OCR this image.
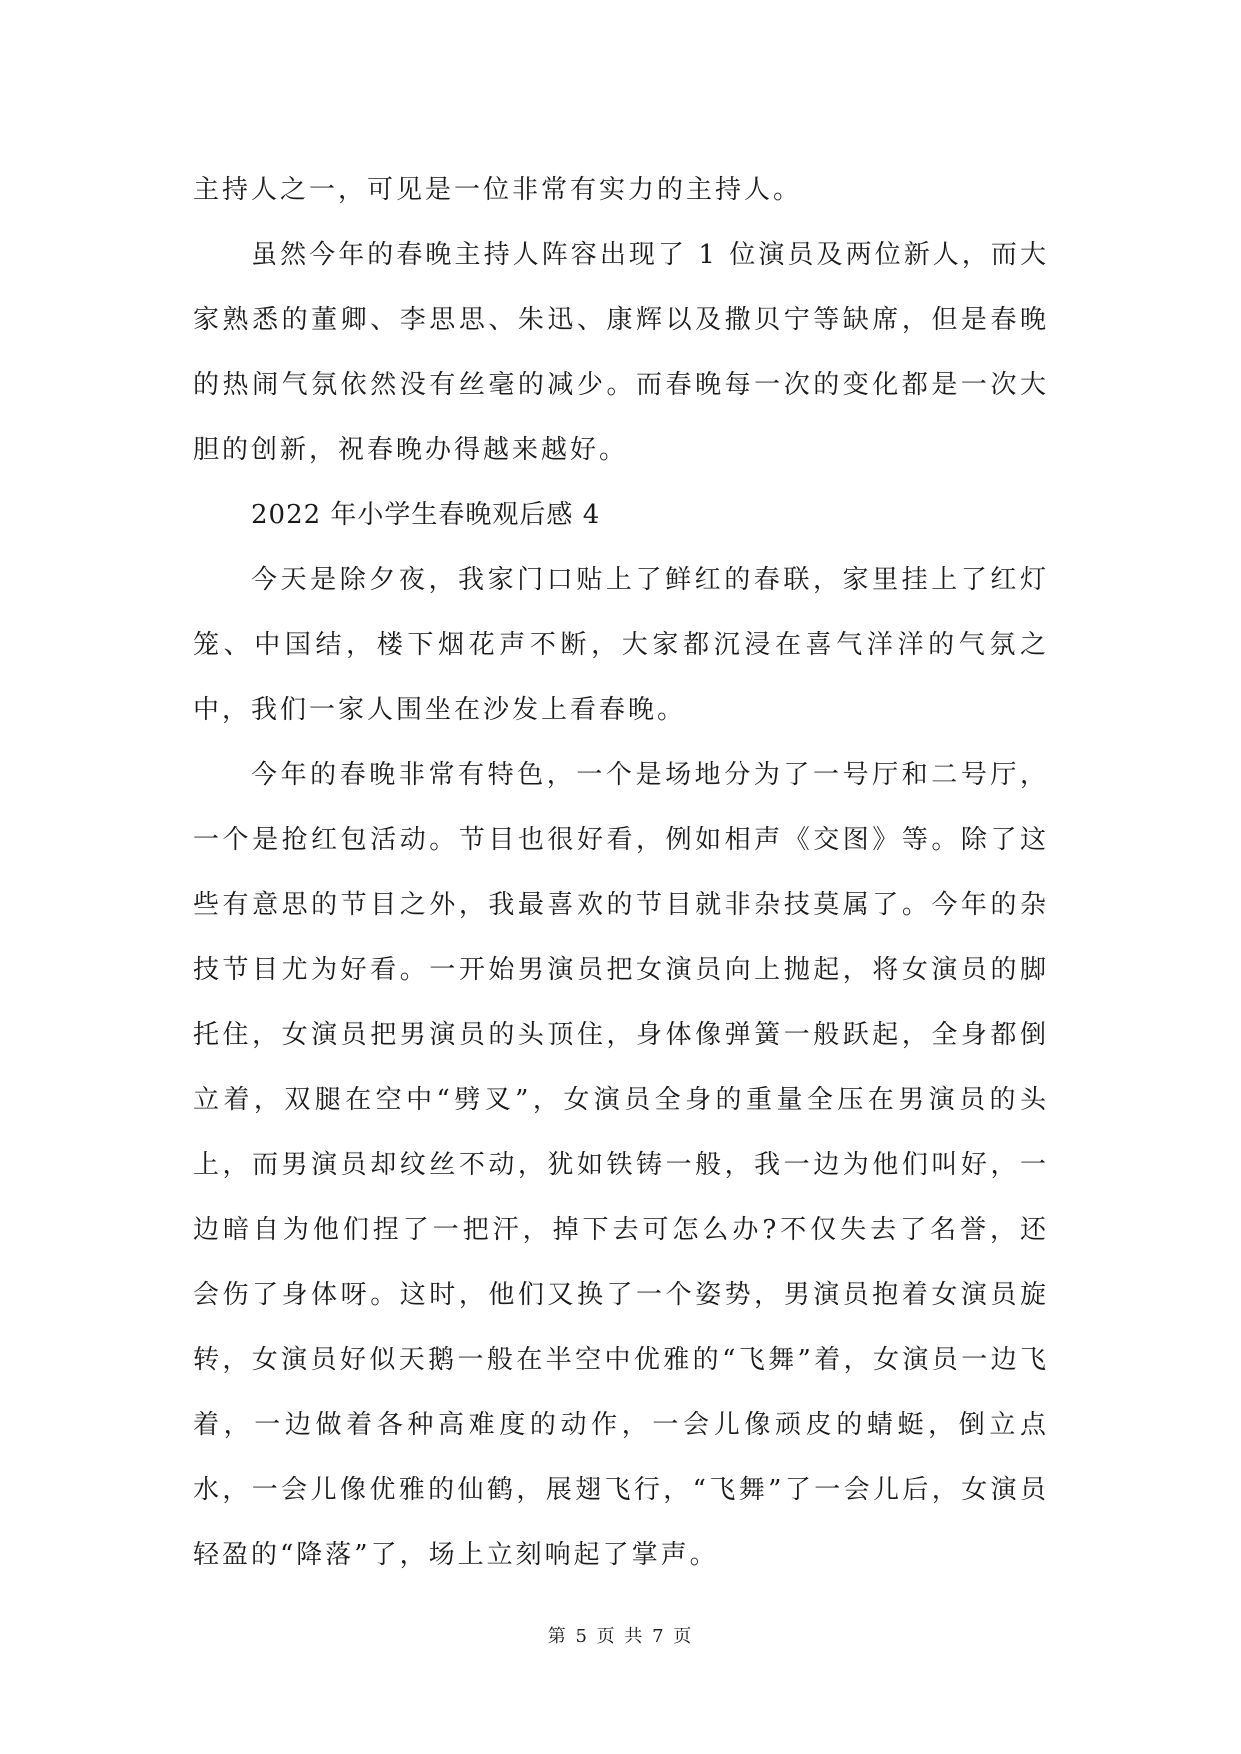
主持人之一，可见是一位非常有实力的主持人。

虽然今年的春晚主持人阵容出现了 1 位演员及两位新人，而大家熟悉的董卿、李思思、朱迅、康辉以及撒贝宁等缺席，但是春晚的热闹气氛依然没有丝毫的减少。而春晚每一次的变化都是一次大胆的创新，祝春晚办得越来越好。

2022 年小学生春晚观后感 4

今天是除夕夜，我家门口贴上了鲜红的春联，家里挂上了红灯笼、中国结，楼下烟花声不断，大家都沉浸在喜气洋洋的气氛之中，我们一家人围坐在沙发上看春晚。

今年的春晚非常有特色，一个是场地分为了一号厅和二号厅，一个是抢红包活动。节目也很好看，例如相声《交图》等。除了这些有意思的节目之外，我最喜欢的节目就非杂技莫属了。今年的杂技节目尤为好看。一开始男演员把女演员向上抛起，将女演员的脚托住，女演员把男演员的头顶住，身体像弹簧一般跃起，全身都倒立着，双腿在空中“劈叉”，女演员全身的重量全压在男演员的头上，而男演员却纹丝不动，犹如铁铸一般，我一边为他们叫好，一边暗自为他们捏了一把汗，掉下去可怎么办?不仅失去了名誉，还会伤了身体呀。这时，他们又换了一个姿势，男演员抱着女演员旋转，女演员好似天鹅一般在半空中优雅的“飞舞”着，女演员一边飞着，一边做着各种高难度的动作，一会儿像顽皮的蜻蜓，倒立点水，一会儿像优雅的仙鹤，展翅飞行，“飞舞”了一会儿后，女演员轻盈的“降落”了，场上立刻响起了掌声。

第 5 页 共 7 页
